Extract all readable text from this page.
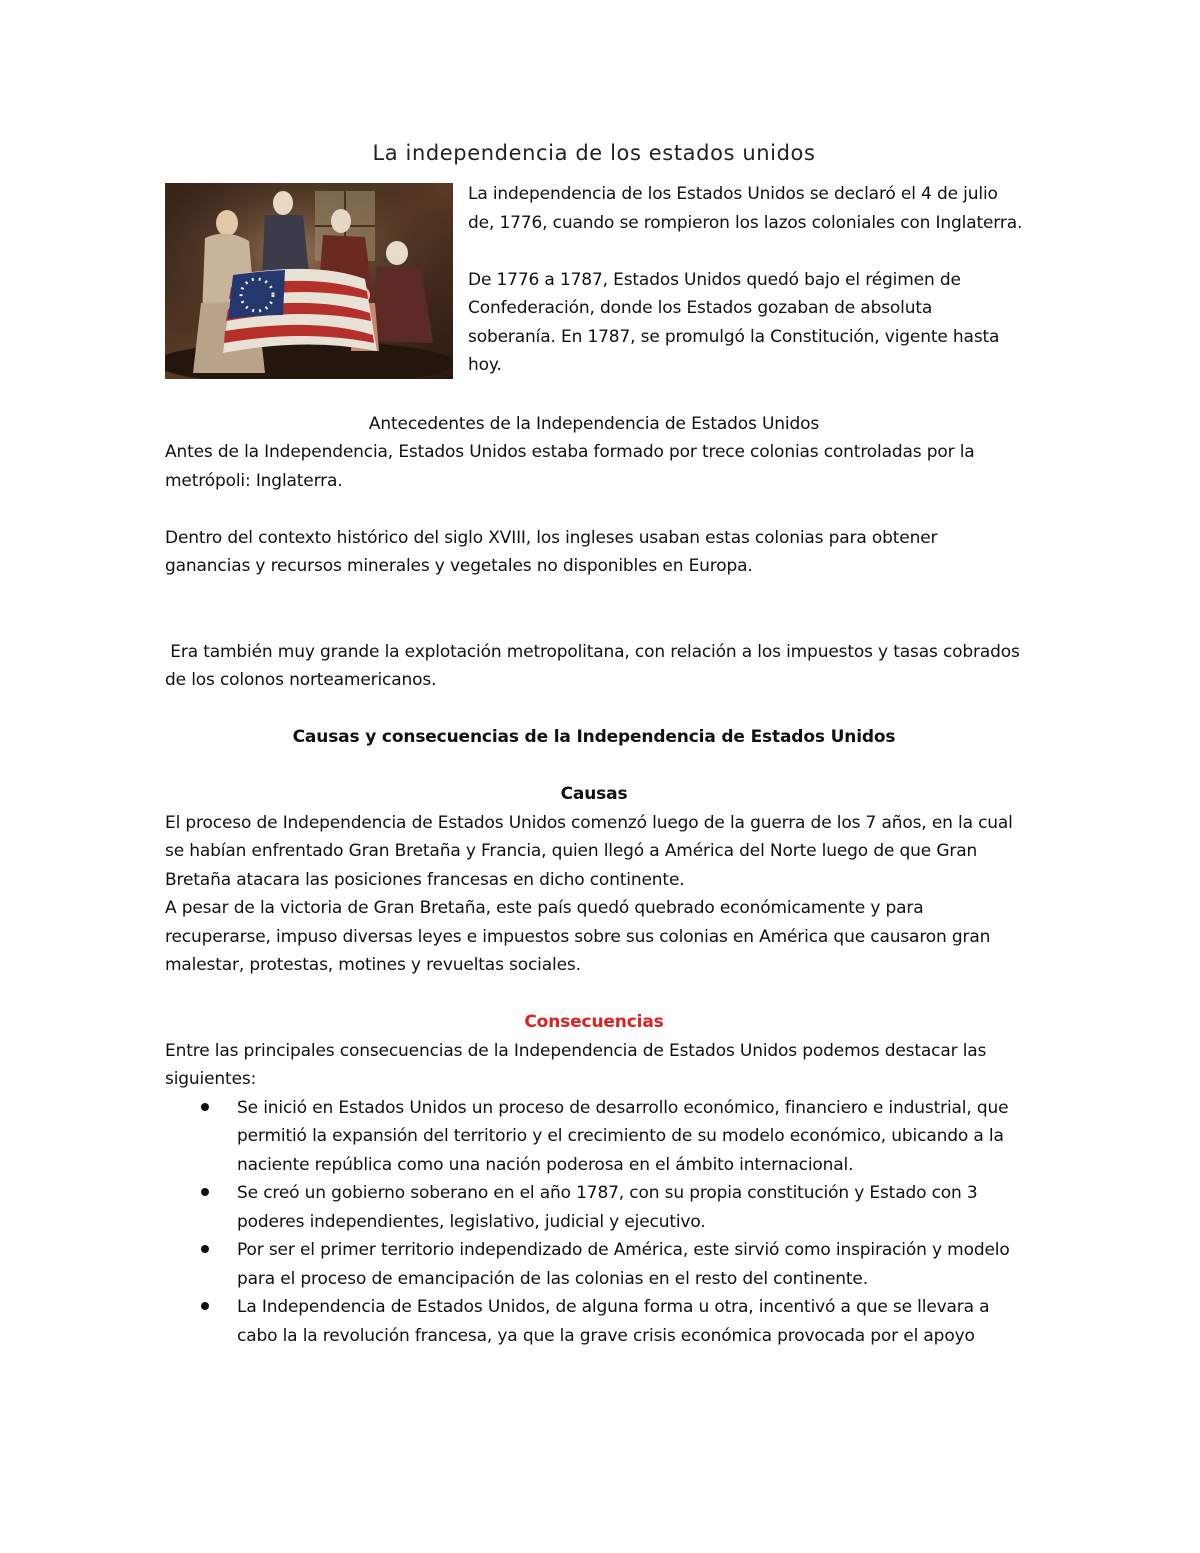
La independencia de los estados unidos

La independencia de los Estados Unidos se declaró el 4 de julio de, 1776, cuando se rompieron los lazos coloniales con Inglaterra.

De 1776 a 1787, Estados Unidos quedó bajo el régimen de Confederación, donde los Estados gozaban de absoluta soberanía. En 1787, se promulgó la Constitución, vigente hasta hoy.

Antecedentes de la Independencia de Estados Unidos

Antes de la Independencia, Estados Unidos estaba formado por trece colonias controladas por la metrópoli: Inglaterra.

Dentro del contexto histórico del siglo XVIII, los ingleses usaban estas colonias para obtener ganancias y recursos minerales y vegetales no disponibles en Europa.

Era también muy grande la explotación metropolitana, con relación a los impuestos y tasas cobrados de los colonos norteamericanos.

Causas y consecuencias de la Independencia de Estados Unidos

Causas

El proceso de Independencia de Estados Unidos comenzó luego de la guerra de los 7 años, en la cual se habían enfrentado Gran Bretaña y Francia, quien llegó a América del Norte luego de que Gran Bretaña atacara las posiciones francesas en dicho continente.

A pesar de la victoria de Gran Bretaña, este país quedó quebrado económicamente y para recuperarse, impuso diversas leyes e impuestos sobre sus colonias en América que causaron gran malestar, protestas, motines y revueltas sociales.

Consecuencias

Entre las principales consecuencias de la Independencia de Estados Unidos podemos destacar las siguientes:

Se inició en Estados Unidos un proceso de desarrollo económico, financiero e industrial, que permitió la expansión del territorio y el crecimiento de su modelo económico, ubicando a la naciente república como una nación poderosa en el ámbito internacional.
Se creó un gobierno soberano en el año 1787, con su propia constitución y Estado con 3 poderes independientes, legislativo, judicial y ejecutivo.
Por ser el primer territorio independizado de América, este sirvió como inspiración y modelo para el proceso de emancipación de las colonias en el resto del continente.
La Independencia de Estados Unidos, de alguna forma u otra, incentivó a que se llevara a cabo la la revolución francesa, ya que la grave crisis económica provocada por el apoyo
